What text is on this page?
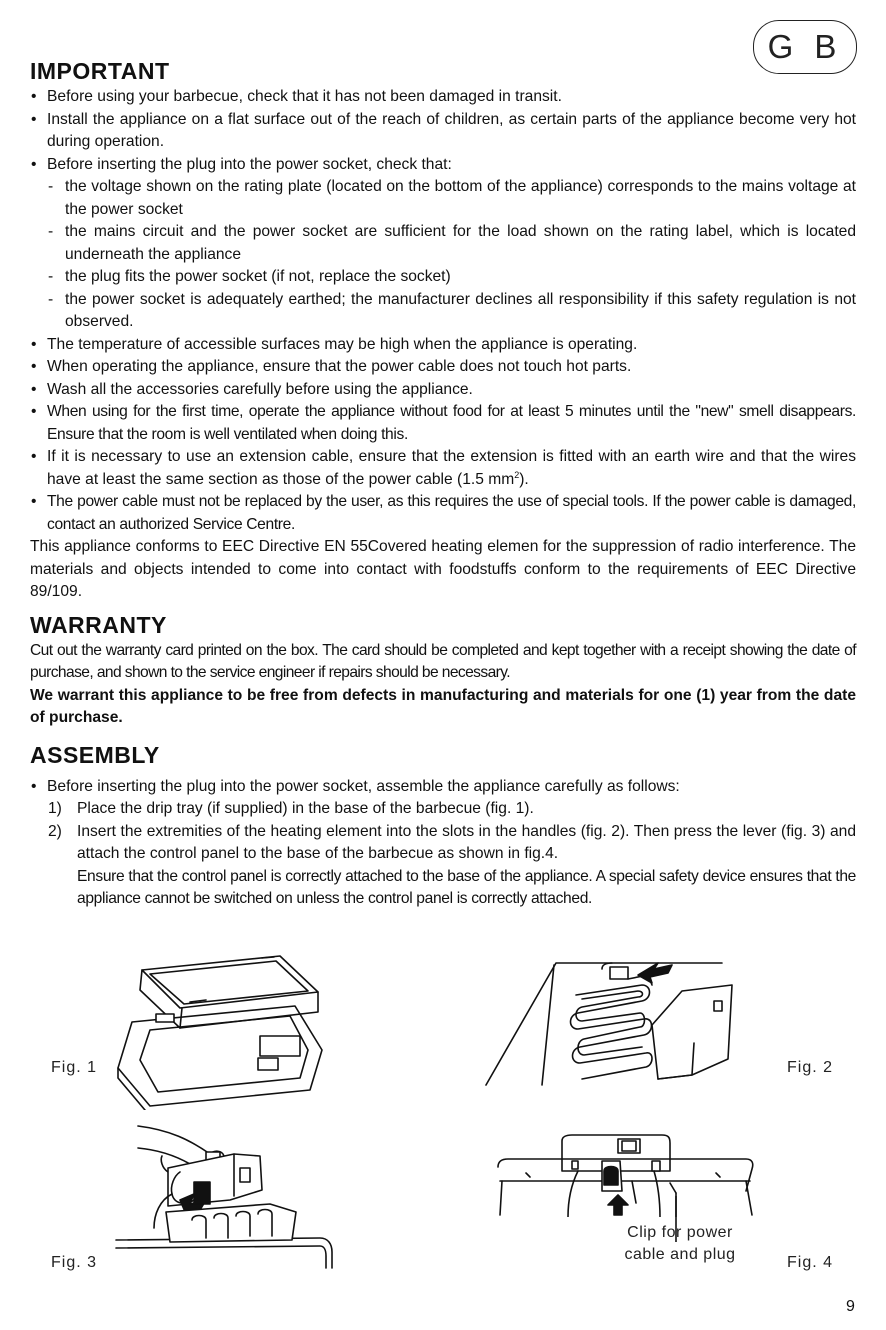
G B
IMPORTANT
• Before using your barbecue, check that it has not been damaged in transit.
• Install the appliance on a flat surface out of the reach of children, as certain parts of the appliance become very hot during operation.
• Before inserting the plug into the power socket, check that:
- the voltage shown on the rating plate (located on the bottom of the appliance) corresponds to the mains voltage at the power socket
- the mains circuit and the power socket are sufficient for the load shown on the rating label, which is located underneath the appliance
- the plug fits the power socket (if not, replace the socket)
- the power socket is adequately earthed; the manufacturer declines all responsibility if this safety regulation is not observed.
• The temperature of accessible surfaces may be high when the appliance is operating.
• When operating the appliance, ensure that the power cable does not touch hot parts.
• Wash all the accessories carefully before using the appliance.
• When using for the first time, operate the appliance without food for at least 5 minutes until the "new" smell disappears. Ensure that the room is well ventilated when doing this.
• If it is necessary to use an extension cable, ensure that the extension is fitted with an earth wire and that the wires have at least the same section as those of the power cable (1.5 $mm^2$).
• The power cable must not be replaced by the user, as this requires the use of special tools. If the power cable is damaged, contact an authorized Service Centre.

This appliance conforms to EEC Directive EN 55Covered heating elemen for the suppression of radio interference. The materials and objects intended to come into contact with foodstuffs conform to the requirements of EEC Directive 89/109.

WARRANTY

Cut out the warranty card printed on the box. The card should be completed and kept together with a receipt showing the date of purchase, and shown to the service engineer if repairs should be necessary.

We warrant this appliance to be free from defects in manufacturing and materials for one (1) year from the date of purchase.

ASSEMBLY
• Before inserting the plug into the power socket, assemble the appliance carefully as follows:
1) Place the drip tray (if supplied) in the base of the barbecue (fig. 1).
2) Insert the extremities of the heating element into the slots in the handles (fig. 2). Then press the lever (fig. 3) and attach the control panel to the base of the barbecue as shown in fig.4.

Ensure that the control panel is correctly attached to the base of the appliance. A special safety device ensures that the appliance cannot be switched on unless the control panel is correctly attached.

Fig. 1	Fig. 2
Fig. 3
Clip for power
cable and plug	Fig. 4
9
